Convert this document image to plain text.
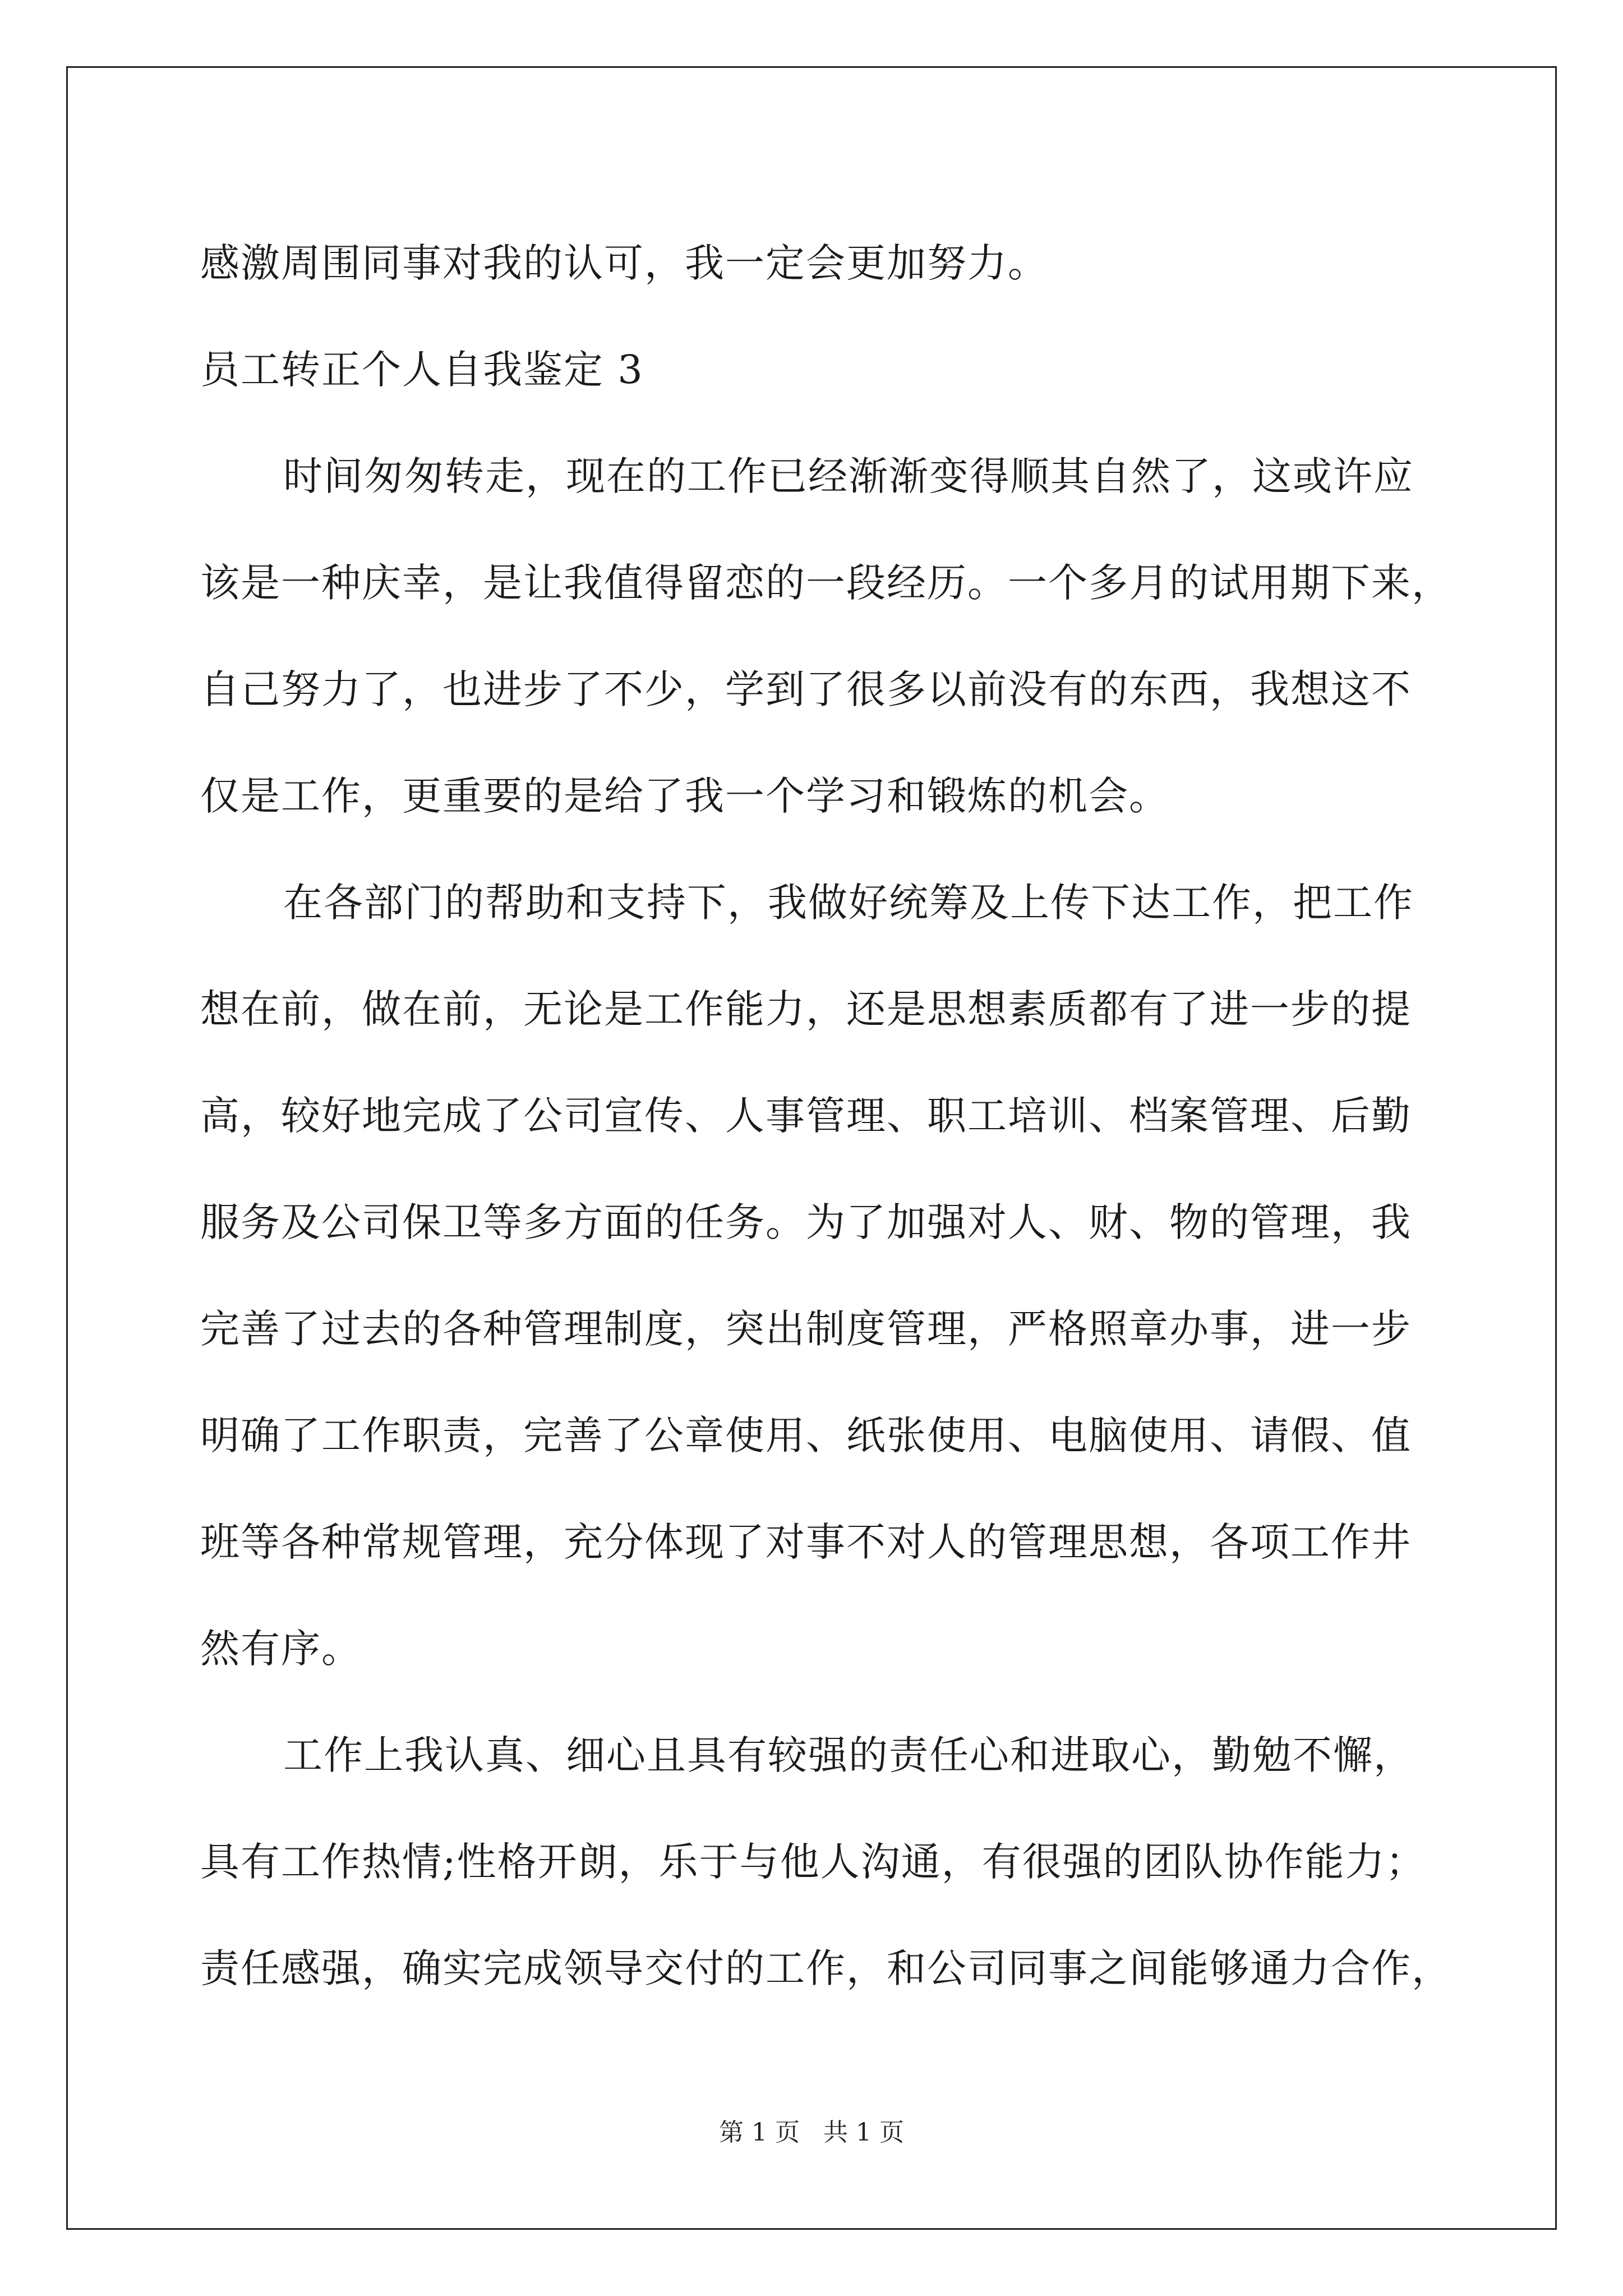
感激周围同事对我的认可，我一定会更加努力。
员工转正个人自我鉴定 3
时间匆匆转走，现在的工作已经渐渐变得顺其自然了，这或许应
该是一种庆幸，是让我值得留恋的一段经历。一个多月的试用期下来，
自己努力了，也进步了不少，学到了很多以前没有的东西，我想这不
仅是工作，更重要的是给了我一个学习和锻炼的机会。
在各部门的帮助和支持下，我做好统筹及上传下达工作，把工作
想在前，做在前，无论是工作能力，还是思想素质都有了进一步的提
高，较好地完成了公司宣传、人事管理、职工培训、档案管理、后勤
服务及公司保卫等多方面的任务。为了加强对人、财、物的管理，我
完善了过去的各种管理制度，突出制度管理，严格照章办事，进一步
明确了工作职责，完善了公章使用、纸张使用、电脑使用、请假、值
班等各种常规管理，充分体现了对事不对人的管理思想，各项工作井
然有序。
工作上我认真、细心且具有较强的责任心和进取心，勤勉不懈，
具有工作热情;性格开朗，乐于与他人沟通，有很强的团队协作能力；
责任感强，确实完成领导交付的工作，和公司同事之间能够通力合作，
第 1 页 共 1 页
